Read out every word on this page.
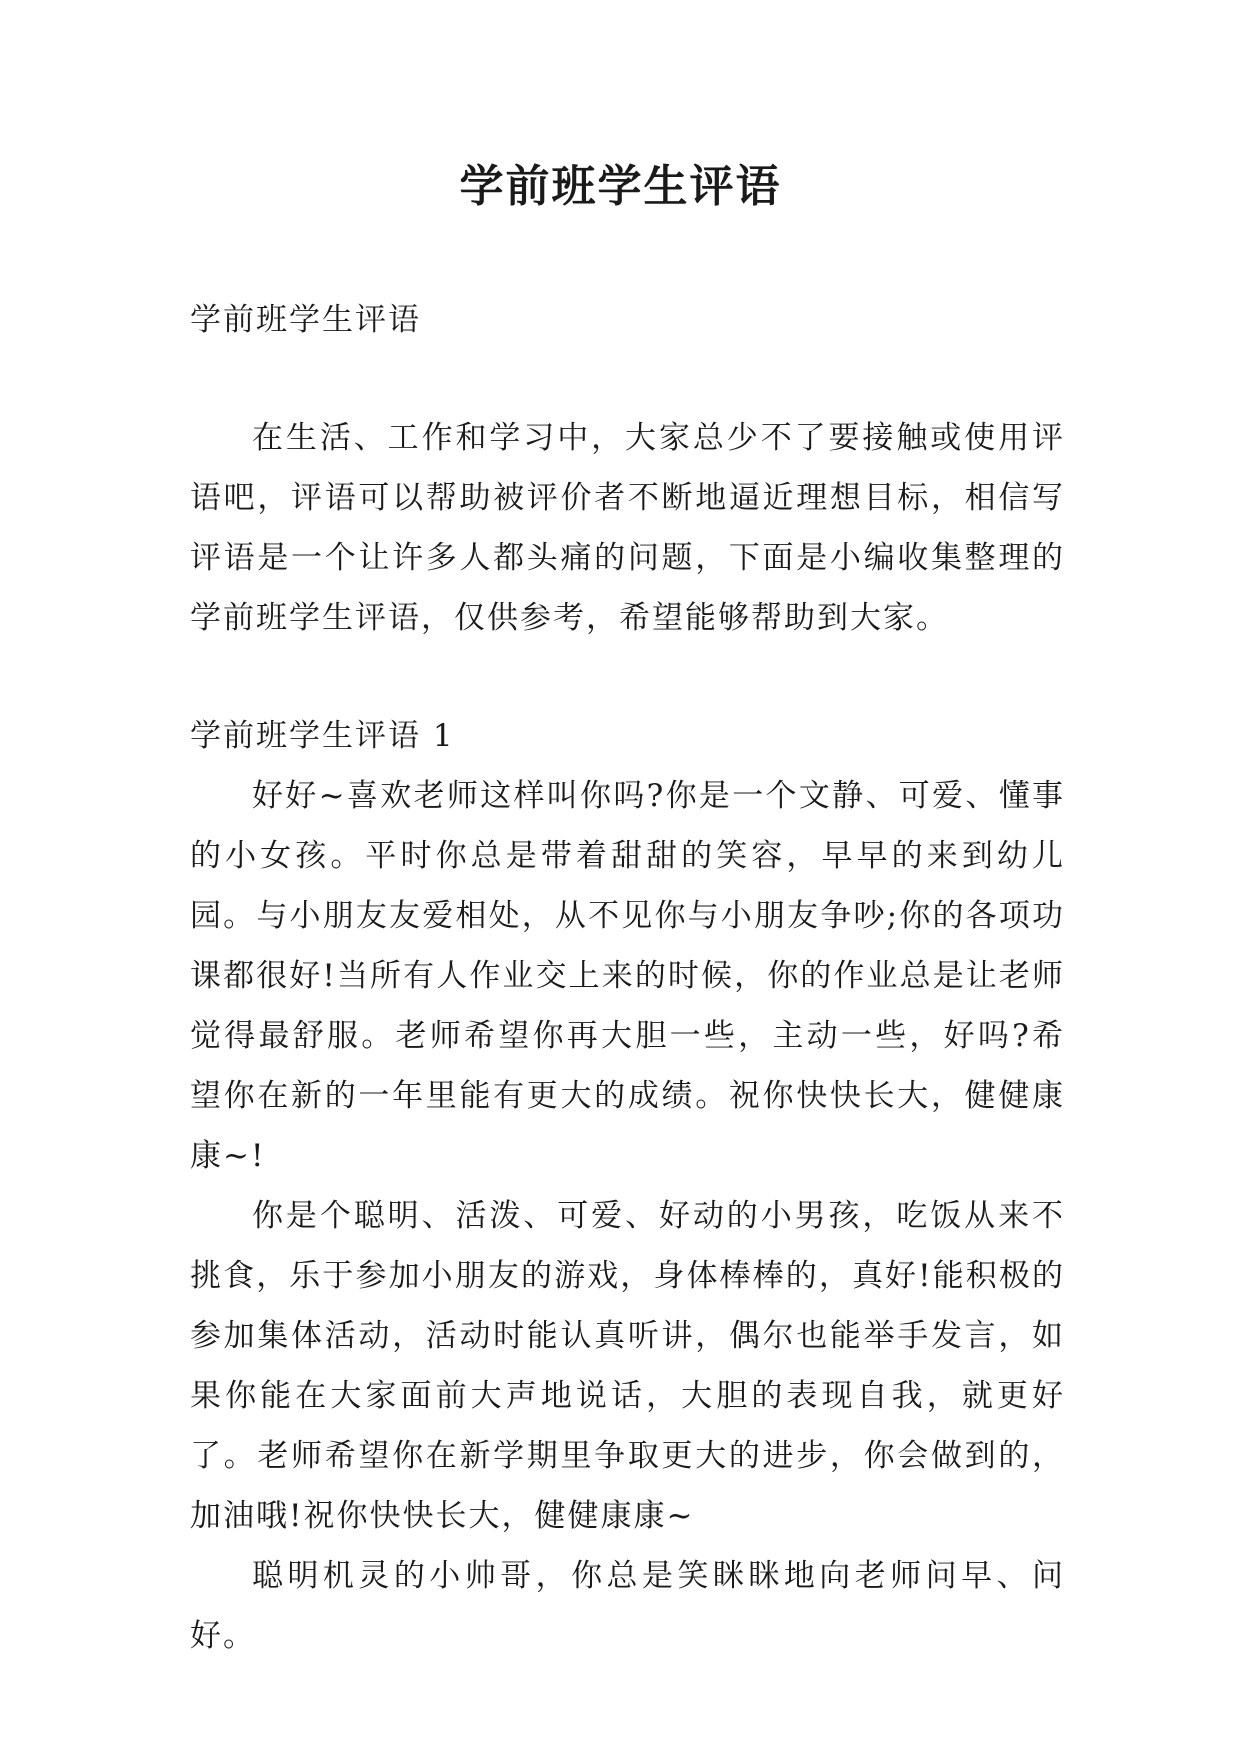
学前班学生评语

学前班学生评语

在生活、工作和学习中，大家总少不了要接触或使用评语吧，评语可以帮助被评价者不断地逼近理想目标，相信写评语是一个让许多人都头痛的问题，下面是小编收集整理的学前班学生评语，仅供参考，希望能够帮助到大家。

学前班学生评语 1

好好~喜欢老师这样叫你吗?你是一个文静、可爱、懂事的小女孩。平时你总是带着甜甜的笑容，早早的来到幼儿园。与小朋友友爱相处，从不见你与小朋友争吵;你的各项功课都很好!当所有人作业交上来的时候，你的作业总是让老师觉得最舒服。老师希望你再大胆一些，主动一些，好吗?希望你在新的一年里能有更大的成绩。祝你快快长大，健健康康~!

你是个聪明、活泼、可爱、好动的小男孩，吃饭从来不挑食，乐于参加小朋友的游戏，身体棒棒的，真好!能积极的参加集体活动，活动时能认真听讲，偶尔也能举手发言，如果你能在大家面前大声地说话，大胆的表现自我，就更好了。老师希望你在新学期里争取更大的进步，你会做到的，加油哦!祝你快快长大，健健康康~

聪明机灵的小帅哥，你总是笑眯眯地向老师问早、问好。
